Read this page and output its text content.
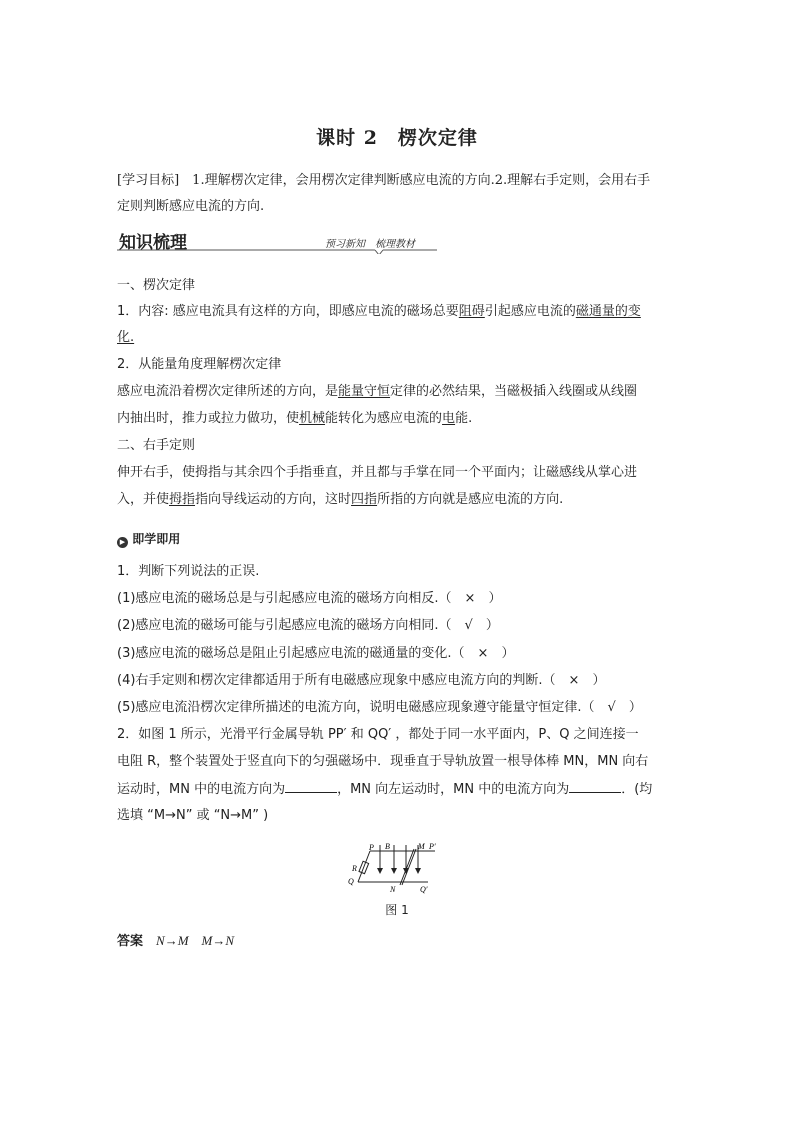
课时 2　楞次定律
[学习目标]　 1.理解楞次定律，会用楞次定律判断感应电流的方向.2.理解右手定则，会用右手
定则判断感应电流的方向.
知识梳理	预习新知　梳理教材
一、楞次定律
1．内容: 感应电流具有这样的方向，即感应电流的磁场总要阻碍引起感应电流的磁通量的变
化.
2．从能量角度理解楞次定律
感应电流沿着楞次定律所述的方向，是能量守恒定律的必然结果，当磁极插入线圈或从线圈
内抽出时，推力或拉力做功，使机械能转化为感应电流的电能.
二、右手定则
伸开右手，使拇指与其余四个手指垂直，并且都与手掌在同一个平面内；让磁感线从掌心进
入，并使拇指指向导线运动的方向，这时四指所指的方向就是感应电流的方向.
▶ 即学即用
1．判断下列说法的正误.
(1)感应电流的磁场总是与引起感应电流的磁场方向相反.（　×　）
(2)感应电流的磁场可能与引起感应电流的磁场方向相同.（　√　）
(3)感应电流的磁场总是阻止引起感应电流的磁通量的变化.（　×　）
(4)右手定则和楞次定律都适用于所有电磁感应现象中感应电流方向的判断.（　×　）
(5)感应电流沿楞次定律所描述的电流方向，说明电磁感应现象遵守能量守恒定律.（　√　）
2．如图 1 所示，光滑平行金属导轨 PP′ 和 QQ′ ，都处于同一水平面内，P、Q 之间连接一
电阻 R，整个装置处于竖直向下的匀强磁场中．现垂直于导轨放置一根导体棒 MN，MN 向右
运动时，MN 中的电流方向为	，MN 向左运动时，MN 中的电流方向为	．(均
选填 “M→N” 或 “N→M” )
P B	M P′
R
Q
N	Q′
图 1
答案　 N→M　M→N
